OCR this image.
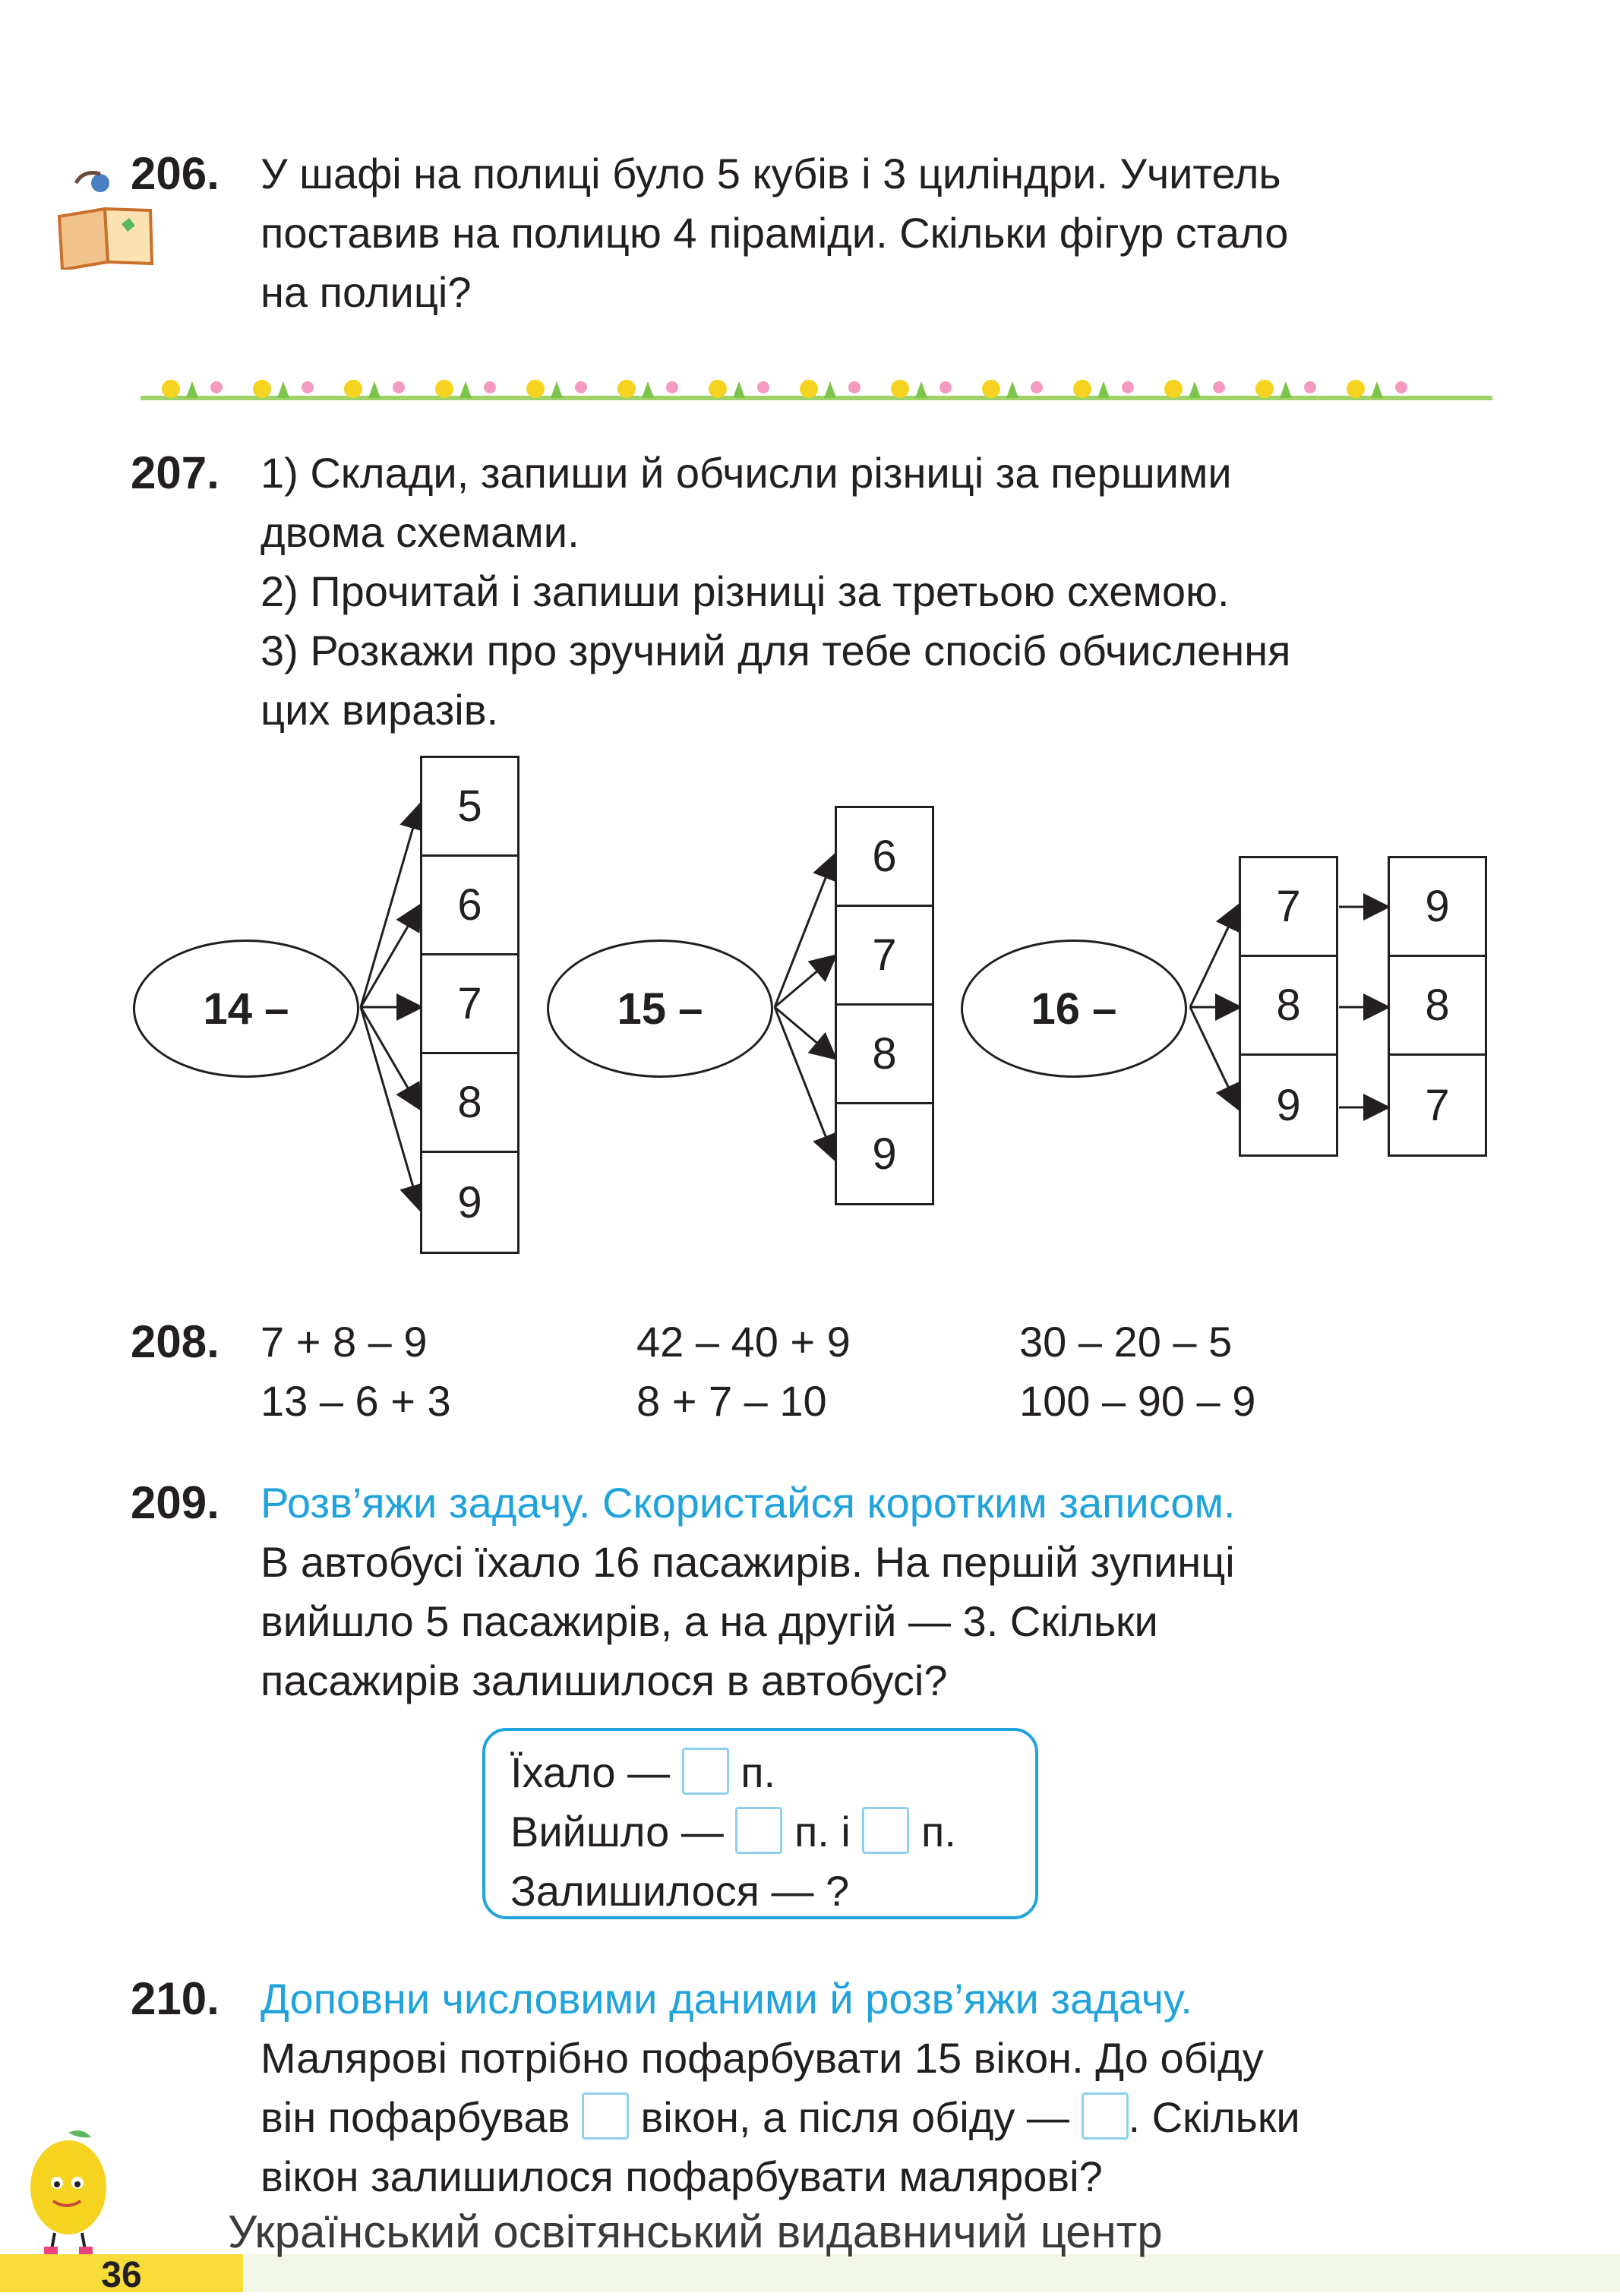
206. У шафі на полиці було 5 кубів і 3 циліндри. Учитель
поставив на полицю 4 піраміди. Скільки фігур стало
на полиці?
207. 1) Склади, запиши й обчисли різниці за першими
двома схемами.
2) Прочитай і запиши різниці за третьою схемою.
3) Розкажи про зручний для тебе спосіб обчислення
цих виразів.
14 –
5
6
7
8
9
15 –
6
7
8
9
16 –
7
8
9
9
8
7
208. 7 + 8 – 9
13 – 6 + 3
42 – 40 + 9
8 + 7 – 10
30 – 20 – 5
100 – 90 – 9
209. Розв’яжи задачу. Скористайся коротким записом.
В автобусі їхало 16 пасажирів. На першій зупинці
вийшло 5 пасажирів, а на другій — 3. Скільки
пасажирів залишилося в автобусі?
Їхало — п.
Вийшло — п. і п.
Залишилося — ?
210. Доповни числовими даними й розв’яжи задачу.
Малярові потрібно пофарбувати 15 вікон. До обіду
він пофарбував вікон, а після обіду — . Скільки
вікон залишилося пофарбувати малярові?
36
Український освітянський видавничий центр
